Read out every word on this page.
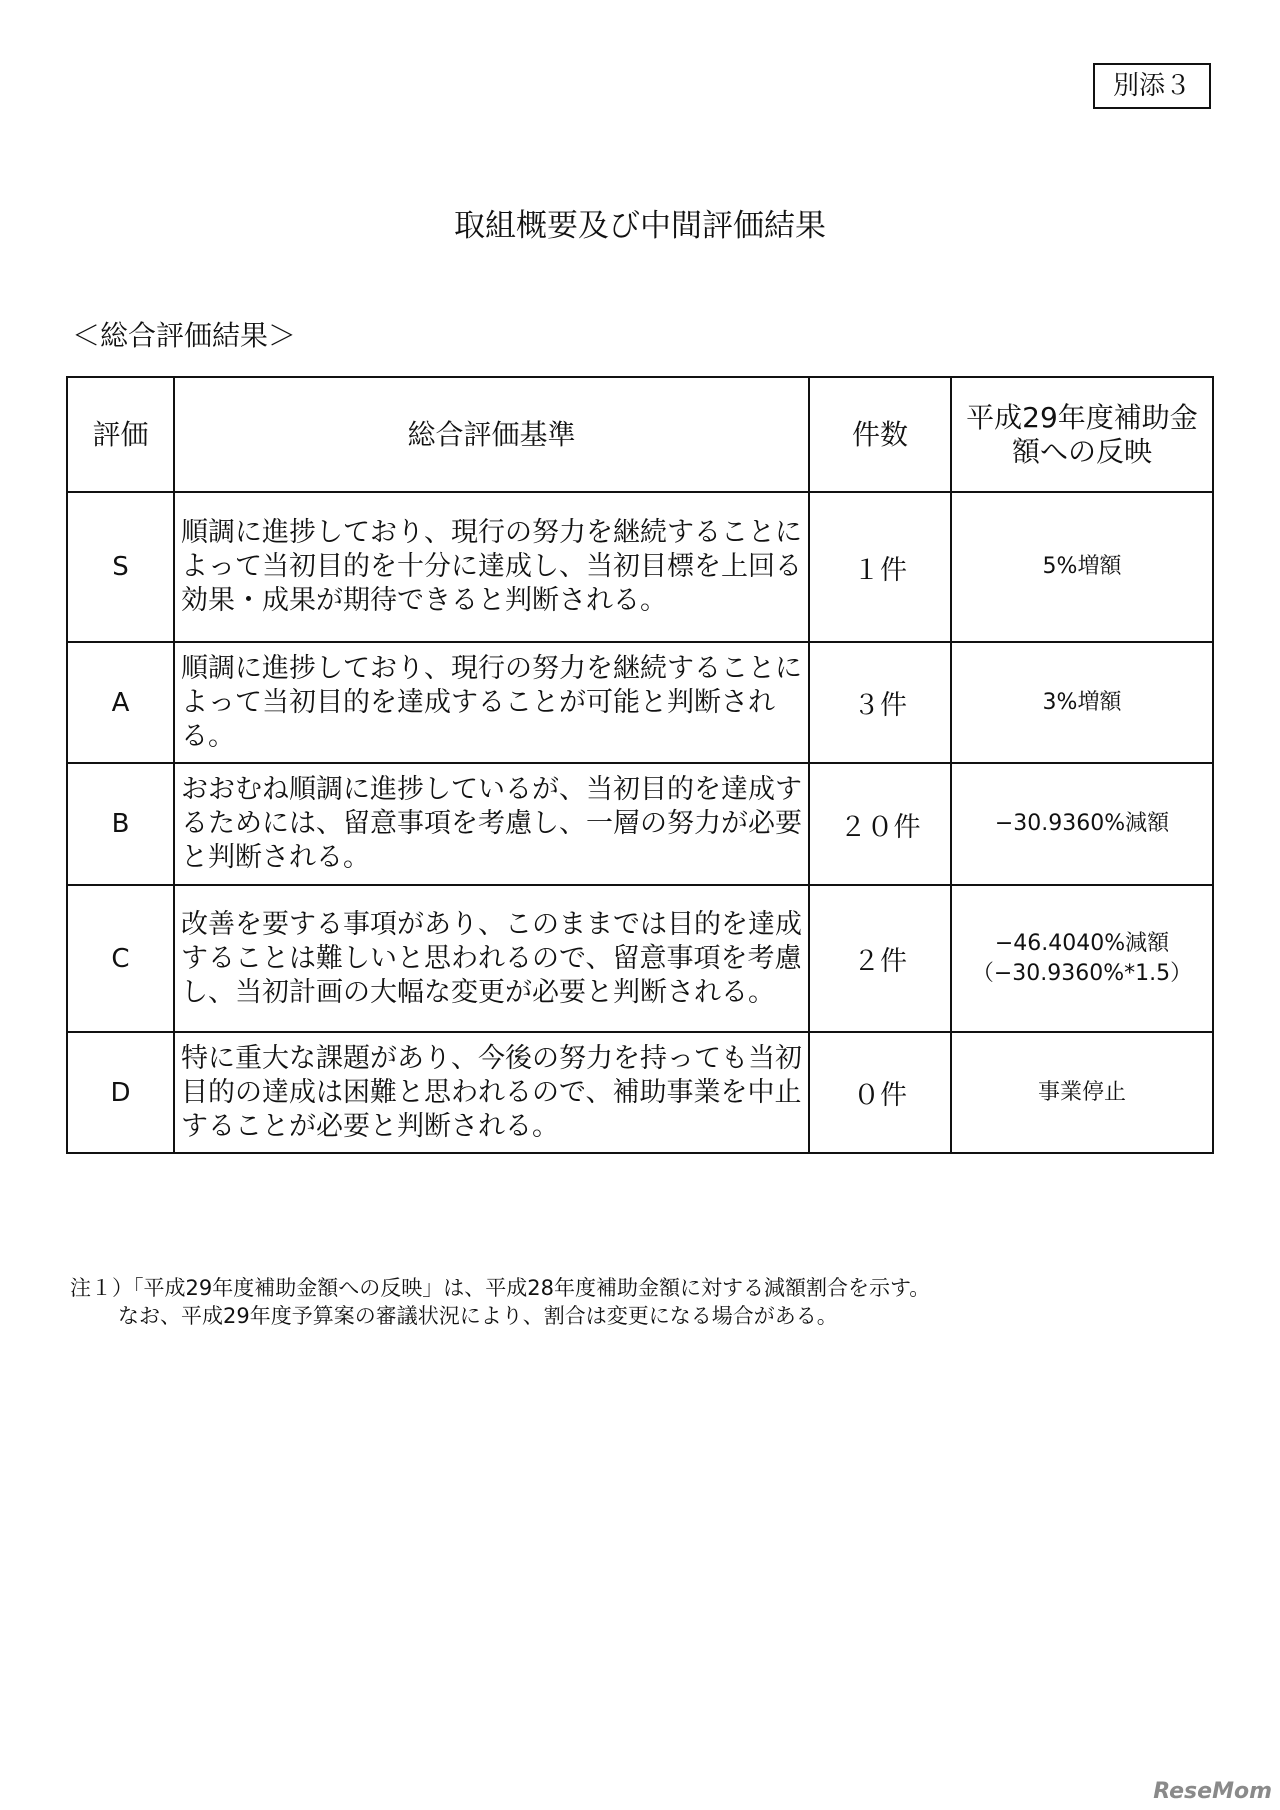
別添３
取組概要及び中間評価結果
＜総合評価結果＞
評価	総合評価基準	件数	平成29年度補助金額への反映
S	順調に進捗しており、現行の努力を継続することによって当初目的を十分に達成し、当初目標を上回る効果・成果が期待できると判断される。	１件	5%増額

A	順調に進捗しており、現行の努力を継続することによって当初目的を達成することが可能と判断される。	３件	3%増額

B	おおむね順調に進捗しているが、当初目的を達成するためには、留意事項を考慮し、一層の努力が必要と判断される。	２０件	−30.9360%減額

C	改善を要する事項があり、このままでは目的を達成することは難しいと思われるので、留意事項を考慮し、当初計画の大幅な変更が必要と判断される。	２件	−46.4040%減額
（−30.9360%*1.5）

D	特に重大な課題があり、今後の努力を持っても当初目的の達成は困難と思われるので、補助事業を中止することが必要と判断される。	０件	事業停止
注１）「平成29年度補助金額への反映」は、平成28年度補助金額に対する減額割合を示す。
なお、平成29年度予算案の審議状況により、割合は変更になる場合がある。
ReseMom
